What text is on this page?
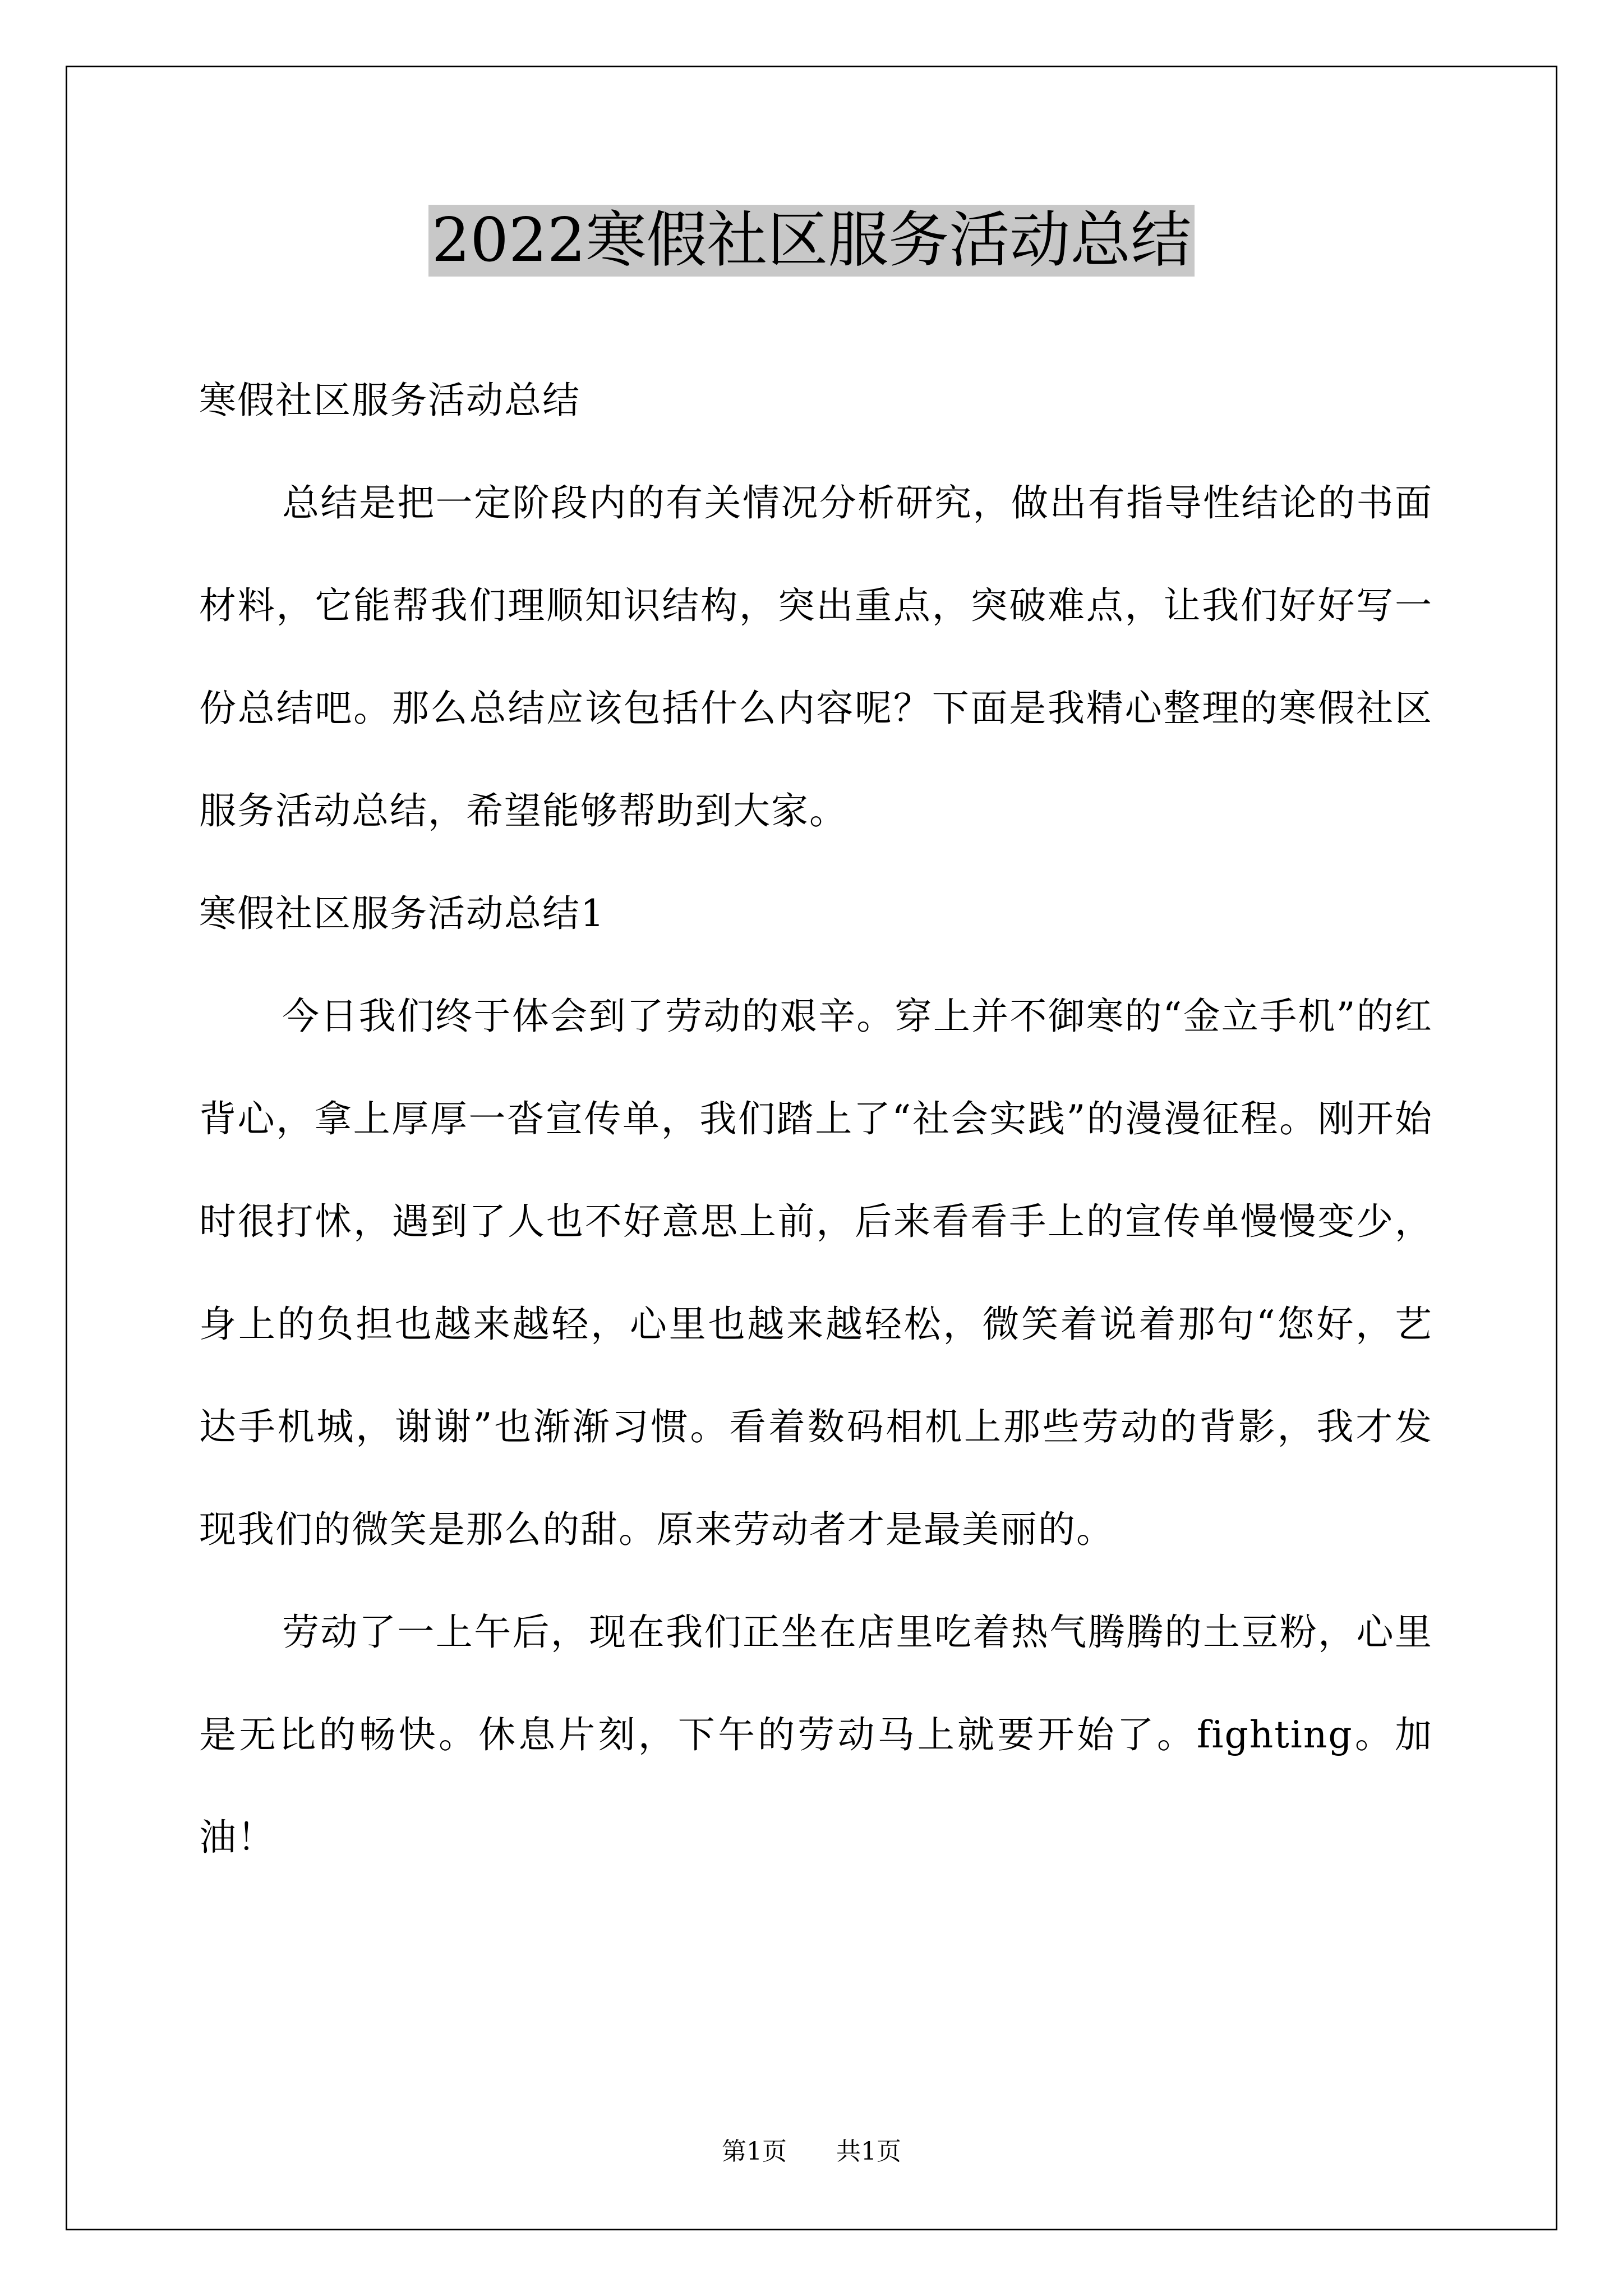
2022寒假社区服务活动总结

寒假社区服务活动总结

总结是把一定阶段内的有关情况分析研究，做出有指导性结论的书面材料，它能帮我们理顺知识结构，突出重点，突破难点，让我们好好写一份总结吧。那么总结应该包括什么内容呢？下面是我精心整理的寒假社区服务活动总结，希望能够帮助到大家。

寒假社区服务活动总结1

今日我们终于体会到了劳动的艰辛。穿上并不御寒的“金立手机”的红背心，拿上厚厚一沓宣传单，我们踏上了“社会实践”的漫漫征程。刚开始时很打怵，遇到了人也不好意思上前，后来看看手上的宣传单慢慢变少，身上的负担也越来越轻，心里也越来越轻松，微笑着说着那句“您好，艺达手机城，谢谢”也渐渐习惯。看着数码相机上那些劳动的背影，我才发现我们的微笑是那么的甜。原来劳动者才是最美丽的。

劳动了一上午后，现在我们正坐在店里吃着热气腾腾的土豆粉，心里是无比的畅快。休息片刻，下午的劳动马上就要开始了。fighting。加油！

第1页 共1页
